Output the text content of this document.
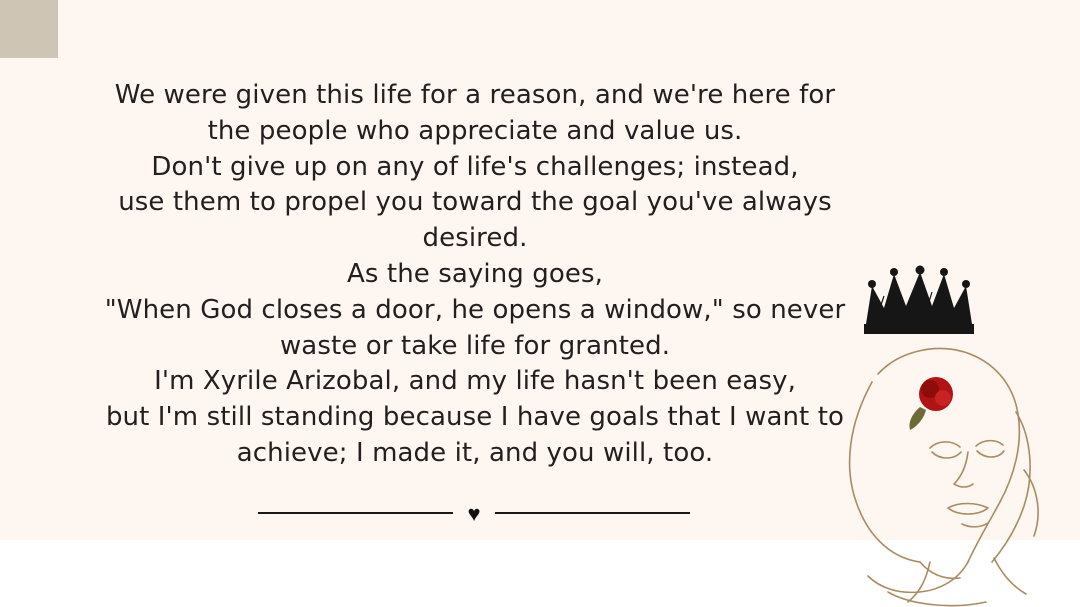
We were given this life for a reason, and we're here for
the people who appreciate and value us.
Don't give up on any of life's challenges; instead,
use them to propel you toward the goal you've always
desired.
As the saying goes,
"When God closes a door, he opens a window," so never
waste or take life for granted.
I'm Xyrile Arizobal, and my life hasn't been easy,
but I'm still standing because I have goals that I want to
achieve; I made it, and you will, too.
♥
